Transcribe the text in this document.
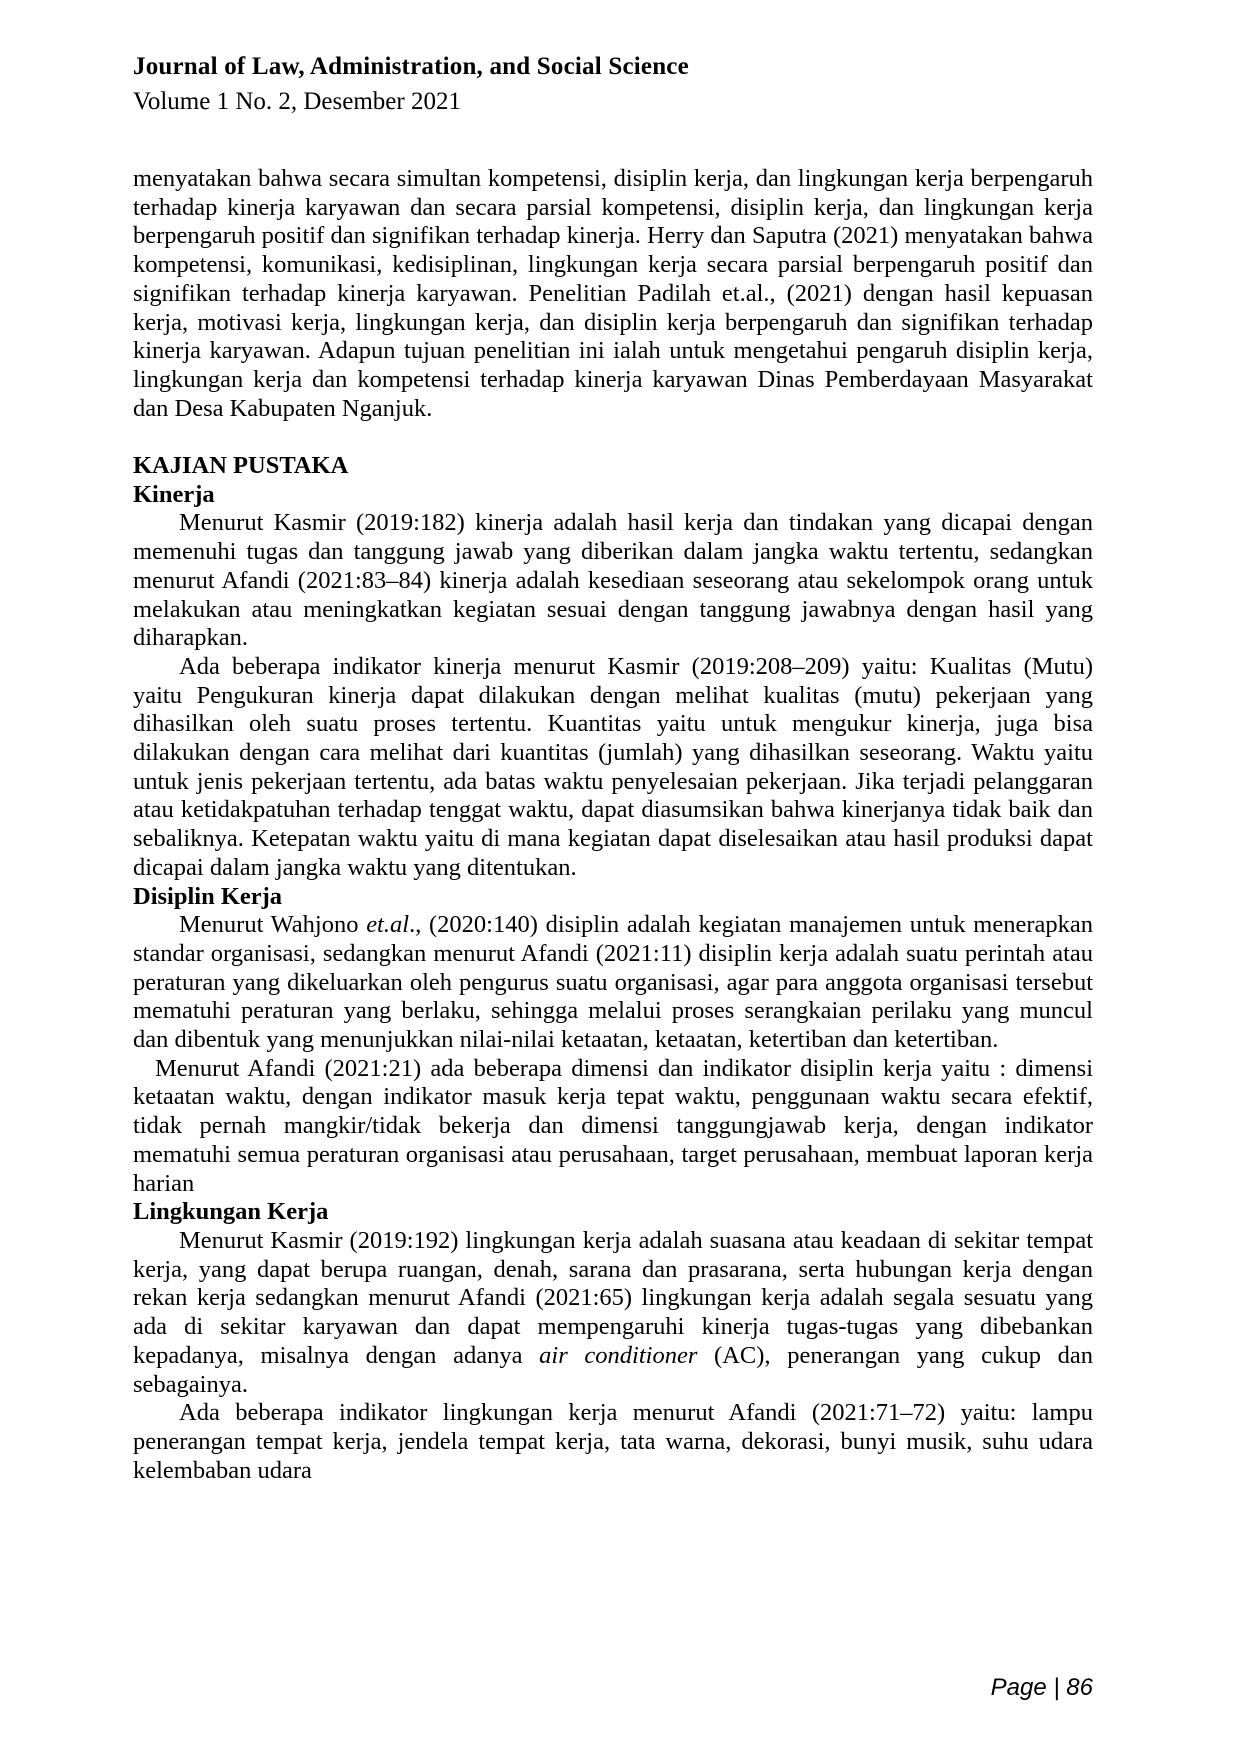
Journal of Law, Administration, and Social Science
Volume 1 No. 2, Desember 2021

menyatakan bahwa secara simultan kompetensi, disiplin kerja, dan lingkungan kerja berpengaruh terhadap kinerja karyawan dan secara parsial kompetensi, disiplin kerja, dan lingkungan kerja berpengaruh positif dan signifikan terhadap kinerja. Herry dan Saputra (2021) menyatakan bahwa kompetensi, komunikasi, kedisiplinan, lingkungan kerja secara parsial berpengaruh positif dan signifikan terhadap kinerja karyawan. Penelitian Padilah et.al., (2021) dengan hasil kepuasan kerja, motivasi kerja, lingkungan kerja, dan disiplin kerja berpengaruh dan signifikan terhadap kinerja karyawan. Adapun tujuan penelitian ini ialah untuk mengetahui pengaruh disiplin kerja, lingkungan kerja dan kompetensi terhadap kinerja karyawan Dinas Pemberdayaan Masyarakat dan Desa Kabupaten Nganjuk.

KAJIAN PUSTAKA
Kinerja

Menurut Kasmir (2019:182) kinerja adalah hasil kerja dan tindakan yang dicapai dengan memenuhi tugas dan tanggung jawab yang diberikan dalam jangka waktu tertentu, sedangkan menurut Afandi (2021:83–84) kinerja adalah kesediaan seseorang atau sekelompok orang untuk melakukan atau meningkatkan kegiatan sesuai dengan tanggung jawabnya dengan hasil yang diharapkan.

Ada beberapa indikator kinerja menurut Kasmir (2019:208–209) yaitu: Kualitas (Mutu) yaitu Pengukuran kinerja dapat dilakukan dengan melihat kualitas (mutu) pekerjaan yang dihasilkan oleh suatu proses tertentu. Kuantitas yaitu untuk mengukur kinerja, juga bisa dilakukan dengan cara melihat dari kuantitas (jumlah) yang dihasilkan seseorang. Waktu yaitu untuk jenis pekerjaan tertentu, ada batas waktu penyelesaian pekerjaan. Jika terjadi pelanggaran atau ketidakpatuhan terhadap tenggat waktu, dapat diasumsikan bahwa kinerjanya tidak baik dan sebaliknya. Ketepatan waktu yaitu di mana kegiatan dapat diselesaikan atau hasil produksi dapat dicapai dalam jangka waktu yang ditentukan.

Disiplin Kerja

Menurut Wahjono et.al., (2020:140) disiplin adalah kegiatan manajemen untuk menerapkan standar organisasi, sedangkan menurut Afandi (2021:11) disiplin kerja adalah suatu perintah atau peraturan yang dikeluarkan oleh pengurus suatu organisasi, agar para anggota organisasi tersebut mematuhi peraturan yang berlaku, sehingga melalui proses serangkaian perilaku yang muncul dan dibentuk yang menunjukkan nilai-nilai ketaatan, ketaatan, ketertiban dan ketertiban.

Menurut Afandi (2021:21) ada beberapa dimensi dan indikator disiplin kerja yaitu : dimensi ketaatan waktu, dengan indikator masuk kerja tepat waktu, penggunaan waktu secara efektif, tidak pernah mangkir/tidak bekerja dan dimensi tanggungjawab kerja, dengan indikator mematuhi semua peraturan organisasi atau perusahaan, target perusahaan, membuat laporan kerja harian

Lingkungan Kerja

Menurut Kasmir (2019:192) lingkungan kerja adalah suasana atau keadaan di sekitar tempat kerja, yang dapat berupa ruangan, denah, sarana dan prasarana, serta hubungan kerja dengan rekan kerja sedangkan menurut Afandi (2021:65) lingkungan kerja adalah segala sesuatu yang ada di sekitar karyawan dan dapat mempengaruhi kinerja tugas-tugas yang dibebankan kepadanya, misalnya dengan adanya air conditioner (AC), penerangan yang cukup dan sebagainya.

Ada beberapa indikator lingkungan kerja menurut Afandi (2021:71–72) yaitu: lampu penerangan tempat kerja, jendela tempat kerja, tata warna, dekorasi, bunyi musik, suhu udara kelembaban udara

Page | 86
